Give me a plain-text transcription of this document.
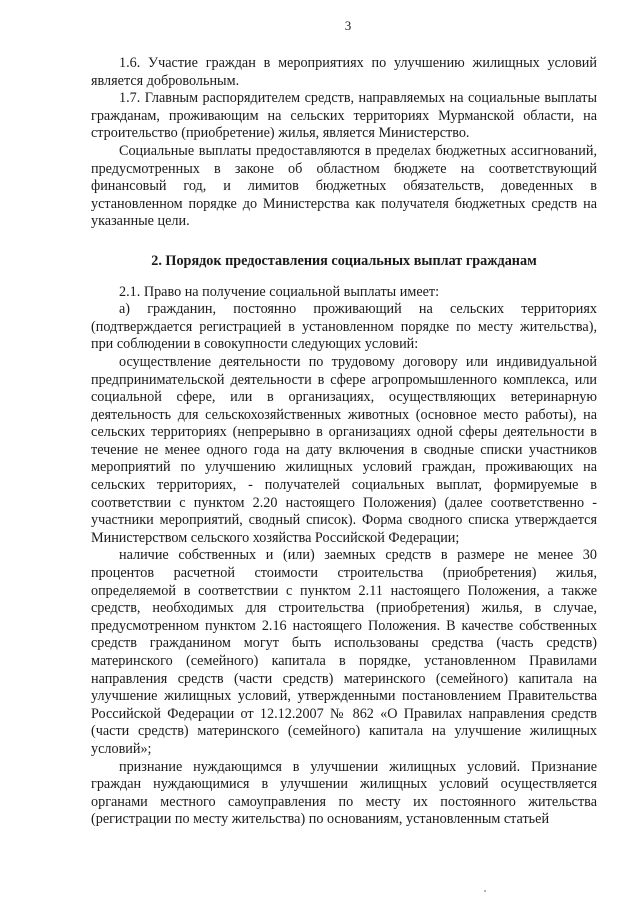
3

1.6. Участие граждан в мероприятиях по улучшению жилищных условий является добровольным.

1.7. Главным распорядителем средств, направляемых на социальные выплаты гражданам, проживающим на сельских территориях Мурманской области, на строительство (приобретение) жилья, является Министерство.

Социальные выплаты предоставляются в пределах бюджетных ассигнований, предусмотренных в законе об областном бюджете на соответствующий финансовый год, и лимитов бюджетных обязательств, доведенных в установленном порядке до Министерства как получателя бюджетных средств на указанные цели.

2. Порядок предоставления социальных выплат гражданам

2.1. Право на получение социальной выплаты имеет:

а) гражданин, постоянно проживающий на сельских территориях (подтверждается регистрацией в установленном порядке по месту жительства), при соблюдении в совокупности следующих условий:

осуществление деятельности по трудовому договору или индивидуальной предпринимательской деятельности в сфере агропромышленного комплекса, или социальной сфере, или в организациях, осуществляющих ветеринарную деятельность для сельскохозяйственных животных (основное место работы), на сельских территориях (непрерывно в организациях одной сферы деятельности в течение не менее одного года на дату включения в сводные списки участников мероприятий по улучшению жилищных условий граждан, проживающих на сельских территориях, - получателей социальных выплат, формируемые в соответствии с пунктом 2.20 настоящего Положения) (далее соответственно - участники мероприятий, сводный список). Форма сводного списка утверждается Министерством сельского хозяйства Российской Федерации;

наличие собственных и (или) заемных средств в размере не менее 30 процентов расчетной стоимости строительства (приобретения) жилья, определяемой в соответствии с пунктом 2.11 настоящего Положения, а также средств, необходимых для строительства (приобретения) жилья, в случае, предусмотренном пунктом 2.16 настоящего Положения. В качестве собственных средств гражданином могут быть использованы средства (часть средств) материнского (семейного) капитала в порядке, установленном Правилами направления средств (части средств) материнского (семейного) капитала на улучшение жилищных условий, утвержденными постановлением Правительства Российской Федерации от 12.12.2007 № 862 «О Правилах направления средств (части средств) материнского (семейного) капитала на улучшение жилищных условий»;

признание нуждающимся в улучшении жилищных условий. Признание граждан нуждающимися в улучшении жилищных условий осуществляется органами местного самоуправления по месту их постоянного жительства (регистрации по месту жительства) по основаниям, установленным статьей
